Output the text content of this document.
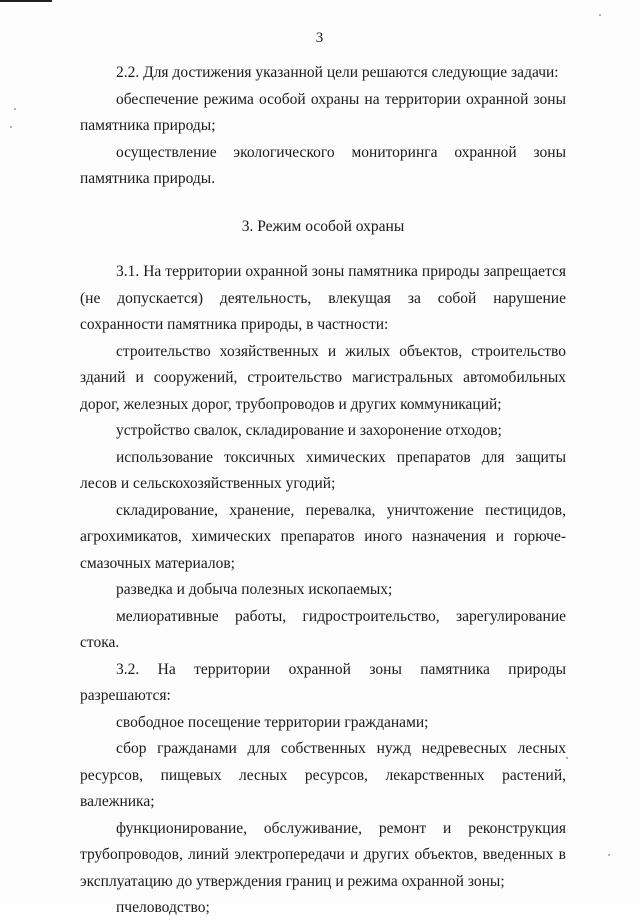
3

2.2. Для достижения указанной цели решаются следующие задачи:

обеспечение режима особой охраны на территории охранной зоны памятника природы;

осуществление экологического мониторинга охранной зоны памятника природы.

3. Режим особой охраны

3.1. На территории охранной зоны памятника природы запрещается (не допускается) деятельность, влекущая за собой нарушение сохранности памятника природы, в частности:

строительство хозяйственных и жилых объектов, строительство зданий и сооружений, строительство магистральных автомобильных дорог, железных дорог, трубопроводов и других коммуникаций;

устройство свалок, складирование и захоронение отходов;

использование токсичных химических препаратов для защиты лесов и сельскохозяйственных угодий;

складирование, хранение, перевалка, уничтожение пестицидов, агрохимикатов, химических препаратов иного назначения и горюче-смазочных материалов;

разведка и добыча полезных ископаемых;

мелиоративные работы, гидростроительство, зарегулирование стока.

3.2. На территории охранной зоны памятника природы разрешаются:

свободное посещение территории гражданами;

сбор гражданами для собственных нужд недревесных лесных ресурсов, пищевых лесных ресурсов, лекарственных растений, валежника;

функционирование, обслуживание, ремонт и реконструкция трубопроводов, линий электропередачи и других объектов, введенных в эксплуатацию до утверждения границ и режима охранной зоны;

пчеловодство;
